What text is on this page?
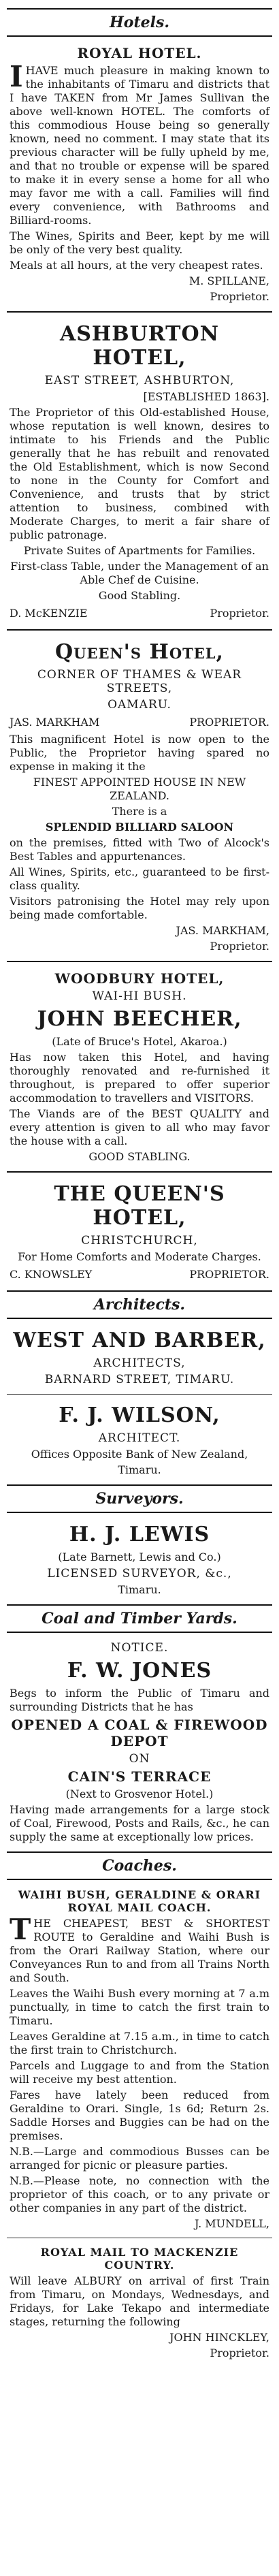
Hotels.
ROYAL HOTEL.

IHAVE much pleasure in making known to the inhabitants of Timaru and districts that I have TAKEN from Mr James Sullivan the above well-known HOTEL. The comforts of this commodious House being so generally known, need no comment. I may state that its previous character will be fully upheld by me, and that no trouble or expense will be spared to make it in every sense a home for all who may favor me with a call. Families will find every convenience, with Bathrooms and Billiard-rooms.

The Wines, Spirits and Beer, kept by me will be only of the very best quality.

Meals at all hours, at the very cheapest rates.

M. SPILLANE,

Proprietor.

ASHBURTON HOTEL,
EAST STREET, ASHBURTON,

[ESTABLISHED 1863].

The Proprietor of this Old-established House, whose reputation is well known, desires to intimate to his Friends and the Public generally that he has rebuilt and renovated the Old Establishment, which is now Second to none in the County for Comfort and Convenience, and trusts that by strict attention to business, combined with Moderate Charges, to merit a fair share of public patronage.

Private Suites of Apartments for Families.

First-class Table, under the Management of an Able Chef de Cuisine.

Good Stabling.

D. McKENZIE	Proprietor.
Queen's Hotel,
CORNER OF THAMES & WEAR STREETS,
OAMARU.
JAS. MARKHAM	PROPRIETOR.

This magnificent Hotel is now open to the Public, the Proprietor having spared no expense in making it the

FINEST APPOINTED HOUSE IN NEW ZEALAND.

There is a

SPLENDID BILLIARD SALOON

on the premises, fitted with Two of Alcock's Best Tables and appurtenances.

All Wines, Spirits, etc., guaranteed to be first-class quality.

Visitors patronising the Hotel may rely upon being made comfortable.

JAS. MARKHAM,

Proprietor.

WOODBURY HOTEL,
WAI-HI BUSH.
JOHN BEECHER,

(Late of Bruce's Hotel, Akaroa.)

Has now taken this Hotel, and having thoroughly renovated and re-furnished it throughout, is prepared to offer superior accommodation to travellers and VISITORS.

The Viands are of the BEST QUALITY and every attention is given to all who may favor the house with a call.

GOOD STABLING.

THE QUEEN'S HOTEL,
CHRISTCHURCH,

For Home Comforts and Moderate Charges.

C. KNOWSLEY	PROPRIETOR.
Architects.
WEST AND BARBER,
ARCHITECTS,
BARNARD STREET, TIMARU.
F. J. WILSON,
ARCHITECT.

Offices Opposite Bank of New Zealand,

Timaru.

Surveyors.
H. J. LEWIS

(Late Barnett, Lewis and Co.)

LICENSED SURVEYOR, &c.,

Timaru.

Coal and Timber Yards.
NOTICE.
F. W. JONES

Begs to inform the Public of Timaru and surrounding Districts that he has

OPENED A COAL & FIREWOOD DEPOT
ON
CAIN'S TERRACE

(Next to Grosvenor Hotel.)

Having made arrangements for a large stock of Coal, Firewood, Posts and Rails, &c., he can supply the same at exceptionally low prices.

Coaches.
WAIHI BUSH, GERALDINE & ORARI ROYAL MAIL COACH.

THE CHEAPEST, BEST & SHORTEST ROUTE to Geraldine and Waihi Bush is from the Orari Railway Station, where our Conveyances Run to and from all Trains North and South.

Leaves the Waihi Bush every morning at 7 a.m punctually, in time to catch the first train to Timaru.

Leaves Geraldine at 7.15 a.m., in time to catch the first train to Christchurch.

Parcels and Luggage to and from the Station will receive my best attention.

Fares have lately been reduced from Geraldine to Orari. Single, 1s 6d; Return 2s. Saddle Horses and Buggies can be had on the premises.

N.B.—Large and commodious Busses can be arranged for picnic or pleasure parties.

N.B.—Please note, no connection with the proprietor of this coach, or to any private or other companies in any part of the district.

J. MUNDELL,

ROYAL MAIL TO MACKENZIE COUNTRY.

Will leave ALBURY on arrival of first Train from Timaru, on Mondays, Wednesdays, and Fridays, for Lake Tekapo and intermediate stages, returning the following

JOHN HINCKLEY,

Proprietor.
